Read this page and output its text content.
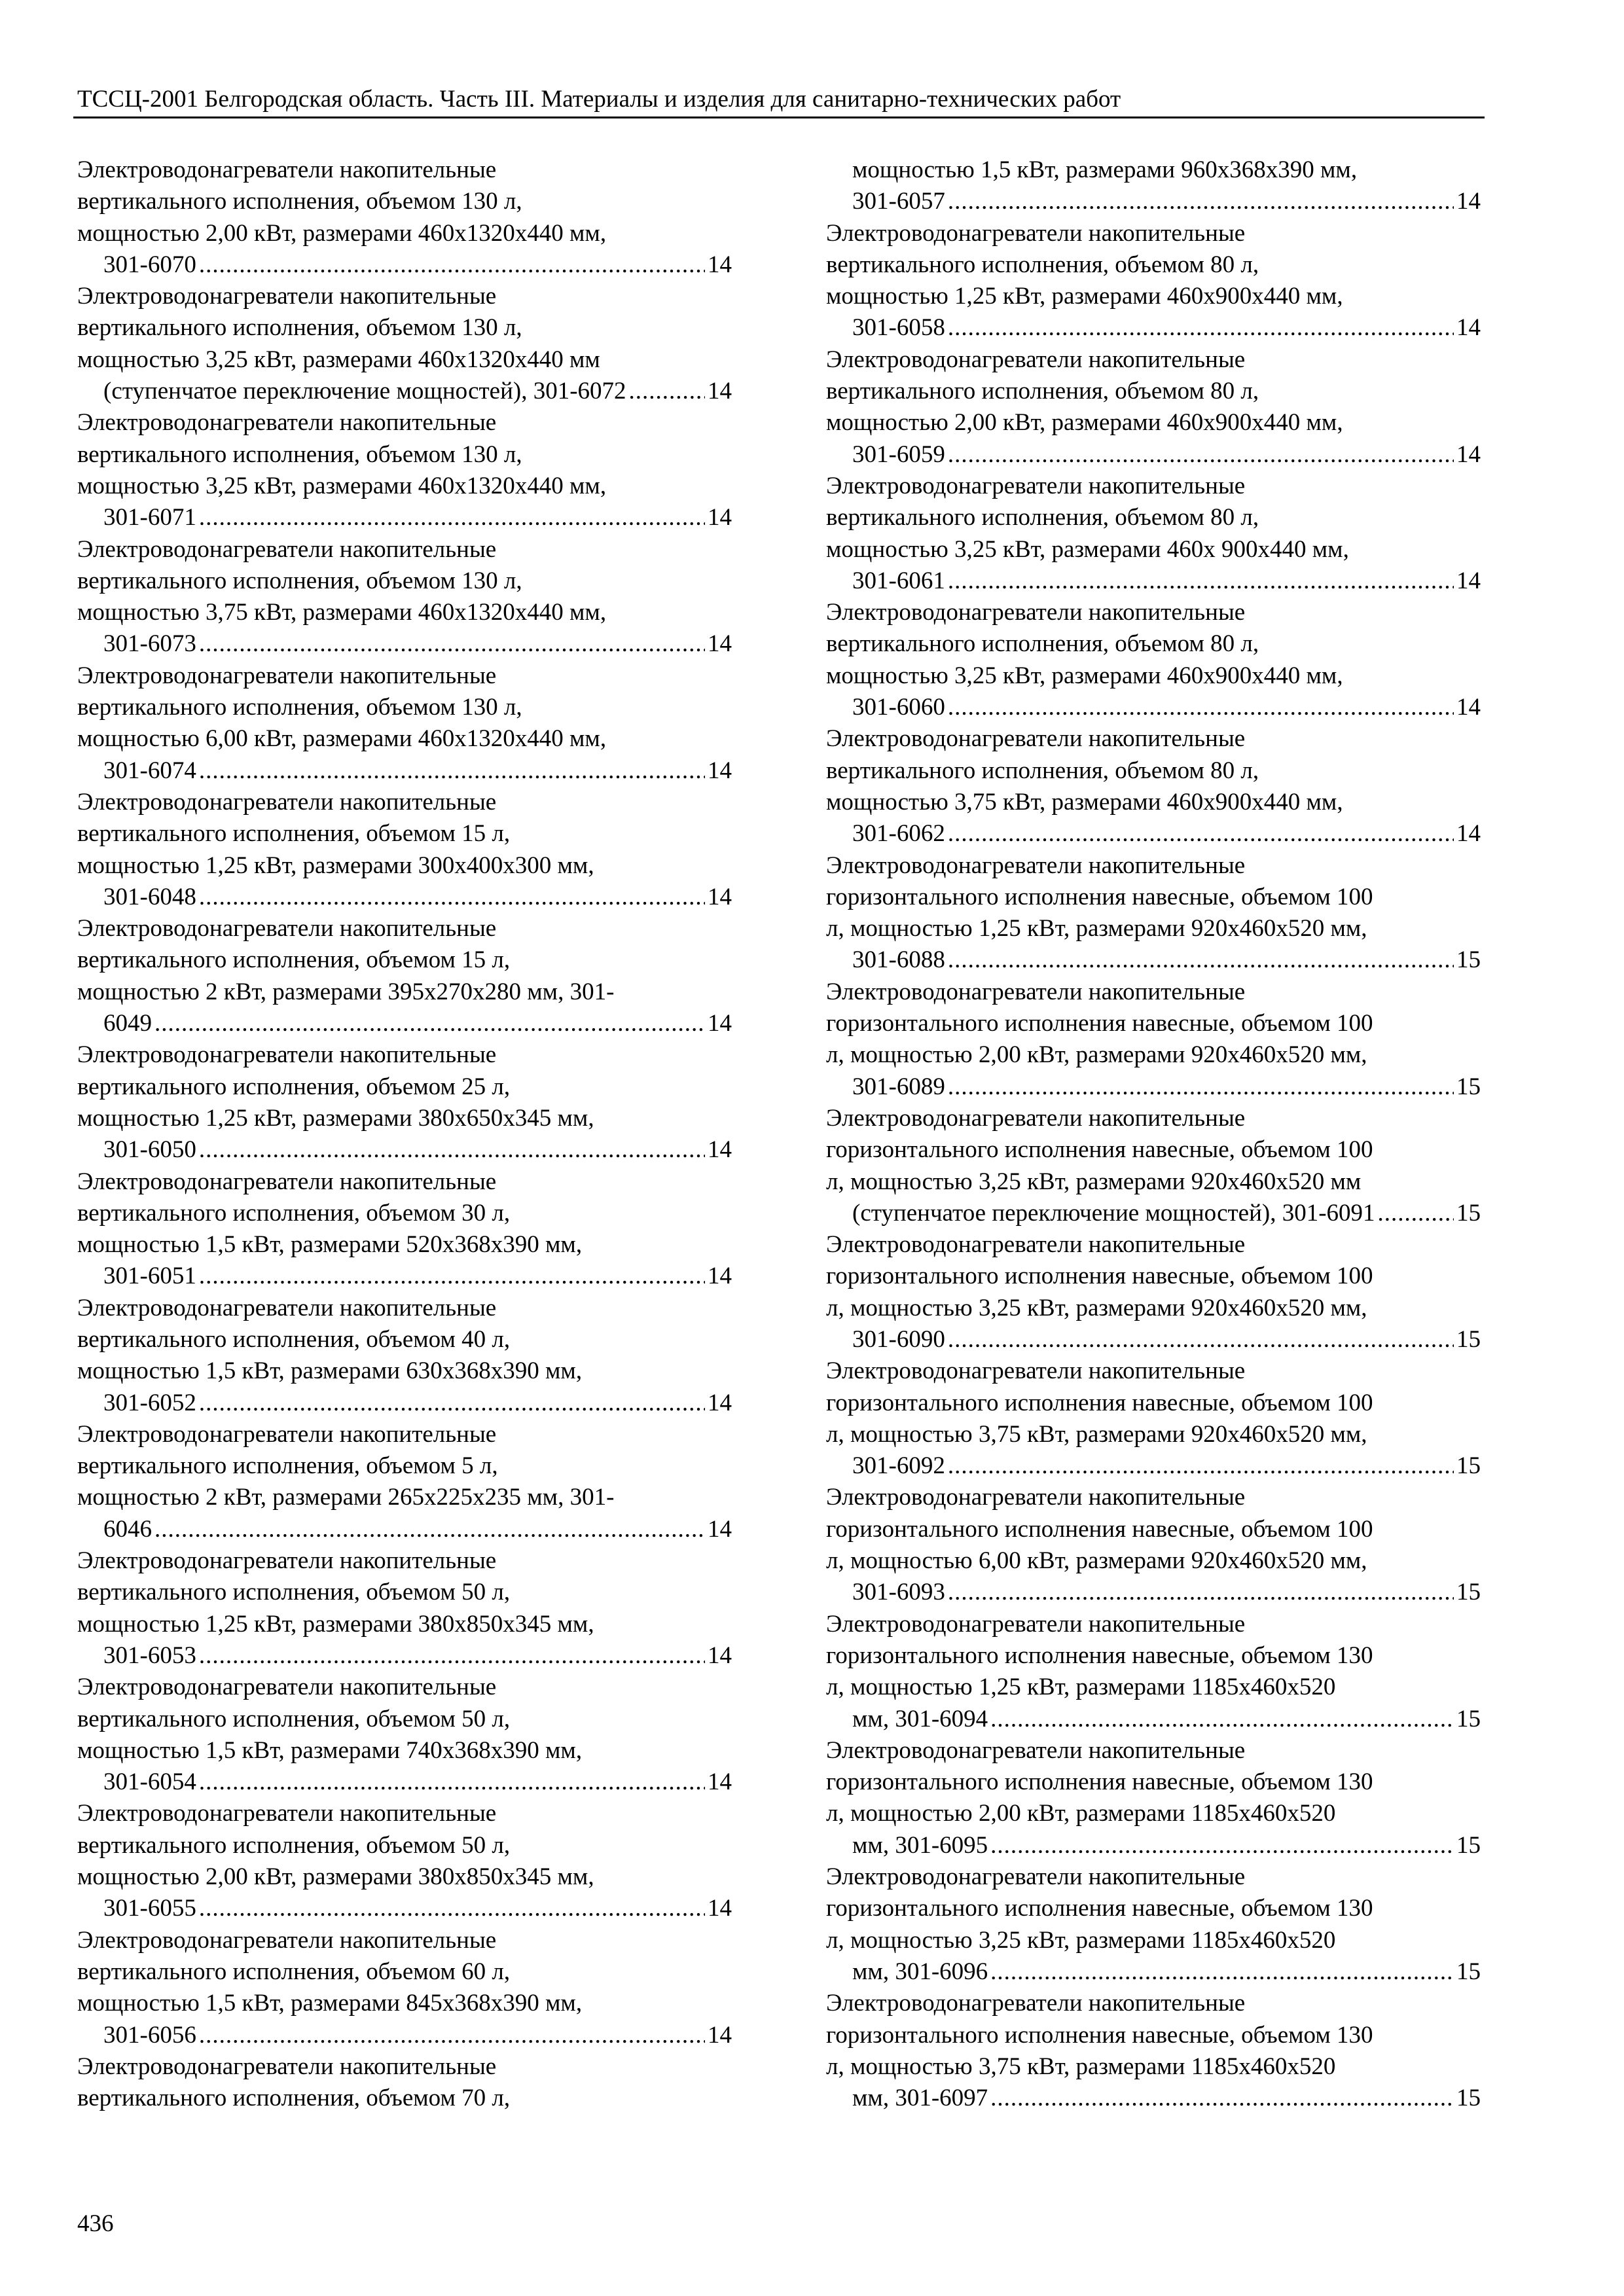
ТССЦ-2001 Белгородская область. Часть III. Материалы и изделия для санитарно-технических работ
Электроводонагреватели накопительные
вертикального исполнения, объемом 130 л,
мощностью 2,00 кВт, размерами 460х1320х440 мм,
301-6070 .....	14
Электроводонагреватели накопительные
вертикального исполнения, объемом 130 л,
мощностью 3,25 кВт, размерами 460х1320х440 мм
(ступенчатое переключение мощностей), 301-6072 .....	14
Электроводонагреватели накопительные
вертикального исполнения, объемом 130 л,
мощностью 3,25 кВт, размерами 460х1320х440 мм,
301-6071 .....	14
Электроводонагреватели накопительные
вертикального исполнения, объемом 130 л,
мощностью 3,75 кВт, размерами 460х1320х440 мм,
301-6073 .....	14
Электроводонагреватели накопительные
вертикального исполнения, объемом 130 л,
мощностью 6,00 кВт, размерами 460х1320х440 мм,
301-6074 .....	14
Электроводонагреватели накопительные
вертикального исполнения, объемом 15 л,
мощностью 1,25 кВт, размерами 300х400х300 мм,
301-6048 .....	14
Электроводонагреватели накопительные
вертикального исполнения, объемом 15 л,
мощностью 2 кВт, размерами 395х270х280 мм, 301-
6049 .....	14
Электроводонагреватели накопительные
вертикального исполнения, объемом 25 л,
мощностью 1,25 кВт, размерами 380х650х345 мм,
301-6050 .....	14
Электроводонагреватели накопительные
вертикального исполнения, объемом 30 л,
мощностью 1,5 кВт, размерами 520х368х390 мм,
301-6051 .....	14
Электроводонагреватели накопительные
вертикального исполнения, объемом 40 л,
мощностью 1,5 кВт, размерами 630х368х390 мм,
301-6052 .....	14
Электроводонагреватели накопительные
вертикального исполнения, объемом 5 л,
мощностью 2 кВт, размерами 265х225х235 мм, 301-
6046 .....	14
Электроводонагреватели накопительные
вертикального исполнения, объемом 50 л,
мощностью 1,25 кВт, размерами 380х850х345 мм,
301-6053 .....	14
Электроводонагреватели накопительные
вертикального исполнения, объемом 50 л,
мощностью 1,5 кВт, размерами 740х368х390 мм,
301-6054 .....	14
Электроводонагреватели накопительные
вертикального исполнения, объемом 50 л,
мощностью 2,00 кВт, размерами 380х850х345 мм,
301-6055 .....	14
Электроводонагреватели накопительные
вертикального исполнения, объемом 60 л,
мощностью 1,5 кВт, размерами 845х368х390 мм,
301-6056 .....	14
Электроводонагреватели накопительные
вертикального исполнения, объемом 70 л,
мощностью 1,5 кВт, размерами 960х368х390 мм,
301-6057 .....	14
Электроводонагреватели накопительные
вертикального исполнения, объемом 80 л,
мощностью 1,25 кВт, размерами 460х900х440 мм,
301-6058 .....	14
Электроводонагреватели накопительные
вертикального исполнения, объемом 80 л,
мощностью 2,00 кВт, размерами 460х900х440 мм,
301-6059 .....	14
Электроводонагреватели накопительные
вертикального исполнения, объемом 80 л,
мощностью 3,25 кВт, размерами 460х 900х440 мм,
301-6061 .....	14
Электроводонагреватели накопительные
вертикального исполнения, объемом 80 л,
мощностью 3,25 кВт, размерами 460х900х440 мм,
301-6060 .....	14
Электроводонагреватели накопительные
вертикального исполнения, объемом 80 л,
мощностью 3,75 кВт, размерами 460х900х440 мм,
301-6062 .....	14
Электроводонагреватели накопительные
горизонтального исполнения навесные, объемом 100
л, мощностью 1,25 кВт, размерами 920х460х520 мм,
301-6088 .....	15
Электроводонагреватели накопительные
горизонтального исполнения навесные, объемом 100
л, мощностью 2,00 кВт, размерами 920х460х520 мм,
301-6089 .....	15
Электроводонагреватели накопительные
горизонтального исполнения навесные, объемом 100
л, мощностью 3,25 кВт, размерами 920х460х520 мм
(ступенчатое переключение мощностей), 301-6091 .....	15
Электроводонагреватели накопительные
горизонтального исполнения навесные, объемом 100
л, мощностью 3,25 кВт, размерами 920х460х520 мм,
301-6090 .....	15
Электроводонагреватели накопительные
горизонтального исполнения навесные, объемом 100
л, мощностью 3,75 кВт, размерами 920х460х520 мм,
301-6092 .....	15
Электроводонагреватели накопительные
горизонтального исполнения навесные, объемом 100
л, мощностью 6,00 кВт, размерами 920х460х520 мм,
301-6093 .....	15
Электроводонагреватели накопительные
горизонтального исполнения навесные, объемом 130
л, мощностью 1,25 кВт, размерами 1185х460х520
мм, 301-6094 .....	15
Электроводонагреватели накопительные
горизонтального исполнения навесные, объемом 130
л, мощностью 2,00 кВт, размерами 1185х460х520
мм, 301-6095 .....	15
Электроводонагреватели накопительные
горизонтального исполнения навесные, объемом 130
л, мощностью 3,25 кВт, размерами 1185х460х520
мм, 301-6096 .....	15
Электроводонагреватели накопительные
горизонтального исполнения навесные, объемом 130
л, мощностью 3,75 кВт, размерами 1185х460х520
мм, 301-6097 .....	15
436
